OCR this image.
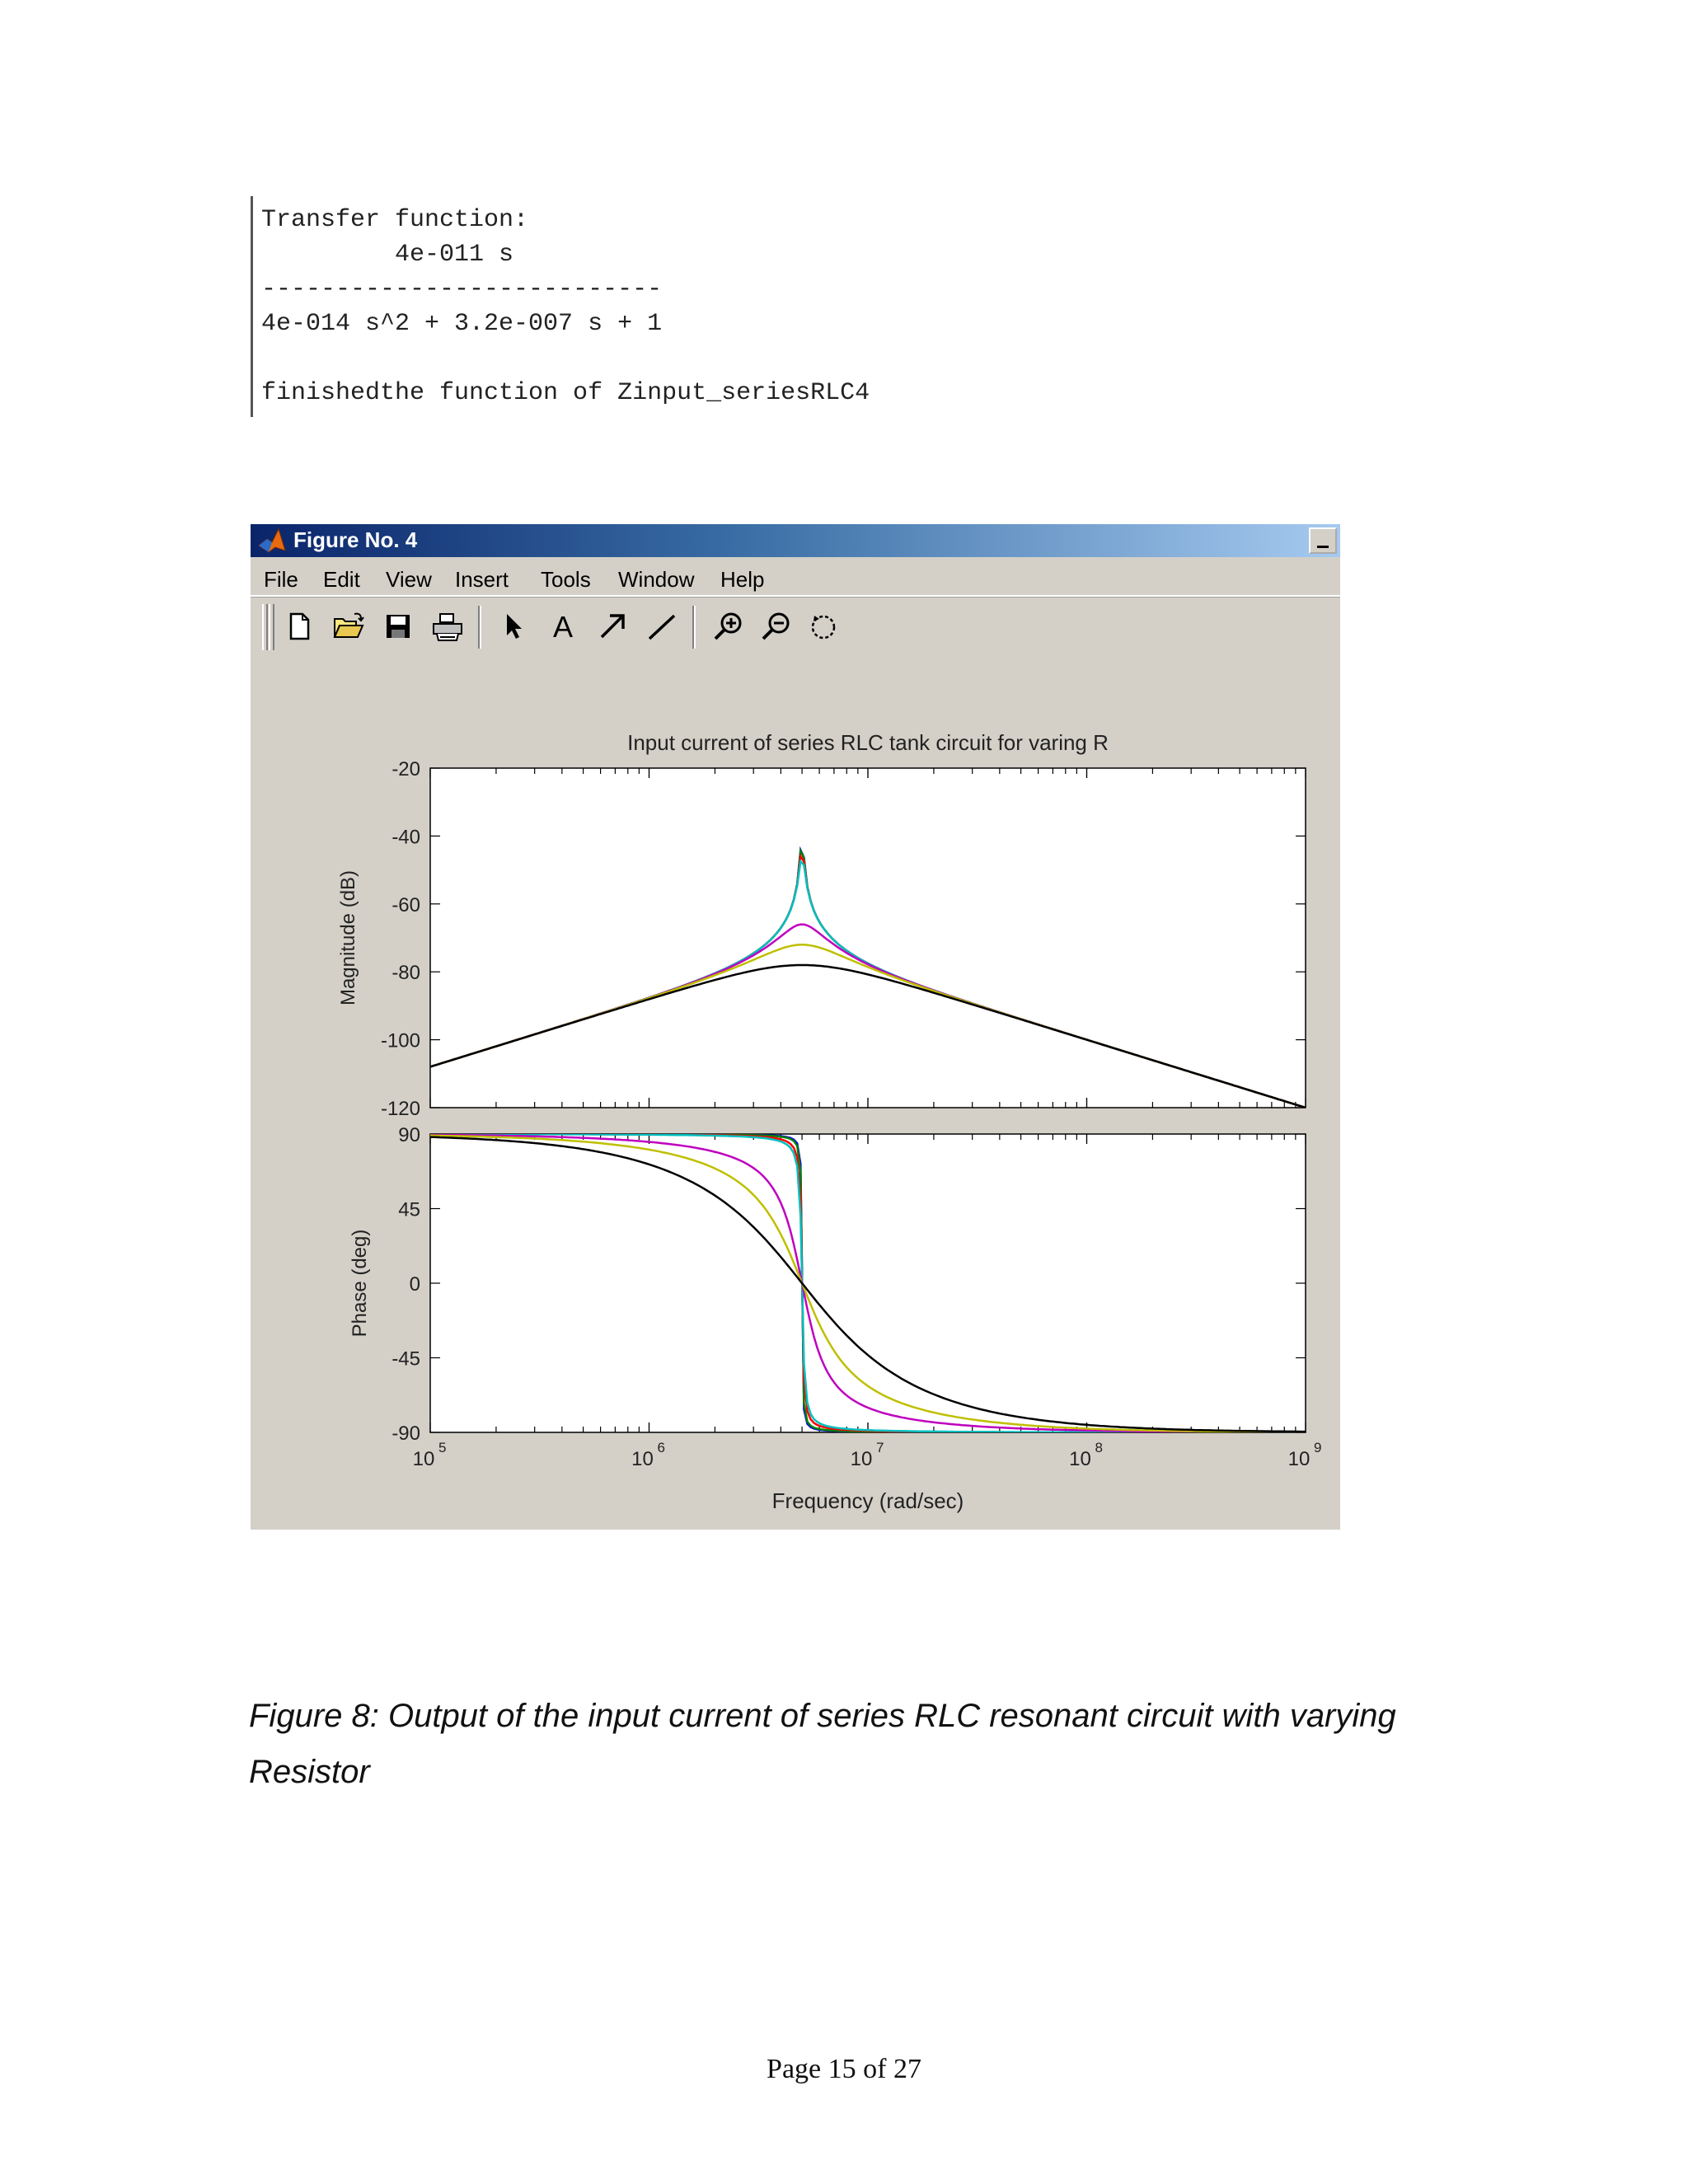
Transfer function:
4e-011 s
---------------------------
4e-014 s^2 + 3.2e-007 s + 1
finishedthe function of Zinput_seriesRLC4
Figure No. 4
File Edit View Insert Tools Window Help
A
-20
-40
-60
-80
-100
-120
90
45
0
-45
-90
10
5
10
6
10
7
10
8
10
9
Input current of series RLC tank circuit for varing R
Frequency (rad/sec)
Magnitude (dB)
Phase (deg)
Figure 8: Output of the input current of series RLC resonant circuit with varying Resistor
Page 15 of 27
